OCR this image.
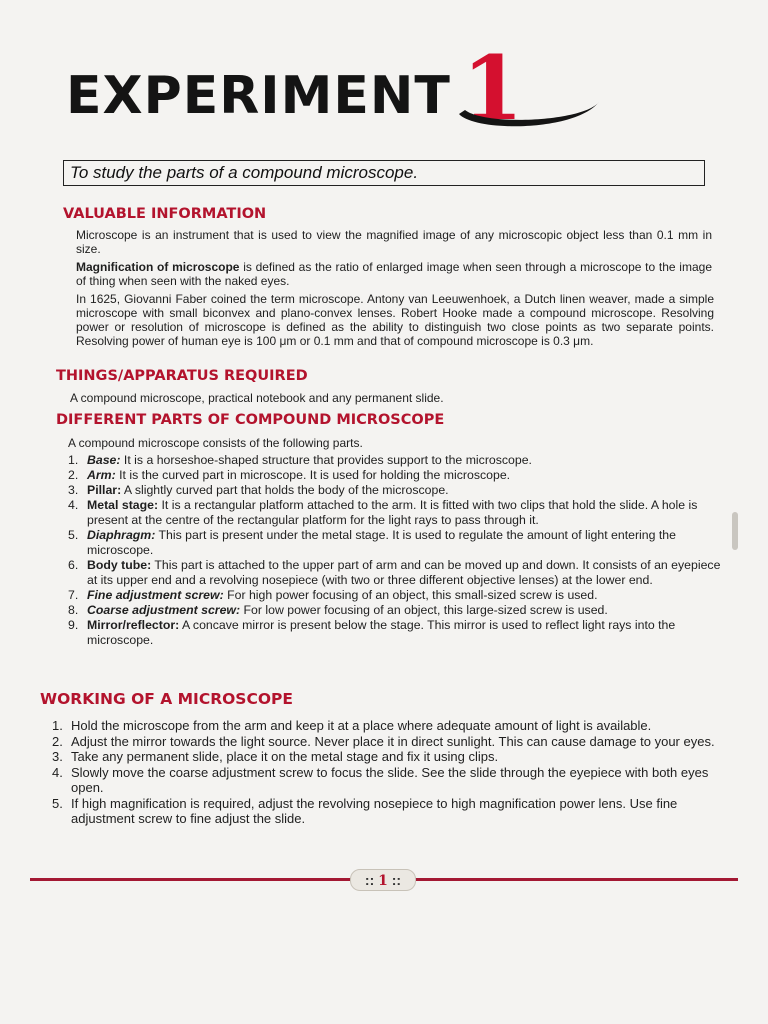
EXPERIMENT 1
To study the parts of a compound microscope.
VALUABLE INFORMATION

Microscope is an instrument that is used to view the magnified image of any microscopic object less than 0.1 mm in size.

Magnification of microscope is defined as the ratio of enlarged image when seen through a microscope to the image of thing when seen with the naked eyes.

In 1625, Giovanni Faber coined the term microscope. Antony van Leeuwenhoek, a Dutch linen weaver, made a simple microscope with small biconvex and plano-convex lenses. Robert Hooke made a compound microscope. Resolving power or resolution of microscope is defined as the ability to distinguish two close points as two separate points. Resolving power of human eye is 100 μm or 0.1 mm and that of compound microscope is 0.3 μm.

THINGS/APPARATUS REQUIRED

A compound microscope, practical notebook and any permanent slide.

DIFFERENT PARTS OF COMPOUND MICROSCOPE

A compound microscope consists of the following parts.

1. Base: It is a horseshoe-shaped structure that provides support to the microscope.
2. Arm: It is the curved part in microscope. It is used for holding the microscope.
3. Pillar: A slightly curved part that holds the body of the microscope.
4. Metal stage: It is a rectangular platform attached to the arm. It is fitted with two clips that hold the slide. A hole is present at the centre of the rectangular platform for the light rays to pass through it.
5. Diaphragm: This part is present under the metal stage. It is used to regulate the amount of light entering the microscope.
6. Body tube: This part is attached to the upper part of arm and can be moved up and down. It consists of an eyepiece at its upper end and a revolving nosepiece (with two or three different objective lenses) at the lower end.
7. Fine adjustment screw: For high power focusing of an object, this small-sized screw is used.
8. Coarse adjustment screw: For low power focusing of an object, this large-sized screw is used.
9. Mirror/reflector: A concave mirror is present below the stage. This mirror is used to reflect light rays into the microscope.
WORKING OF A MICROSCOPE
1. Hold the microscope from the arm and keep it at a place where adequate amount of light is available.
2. Adjust the mirror towards the light source. Never place it in direct sunlight. This can cause damage to your eyes.
3. Take any permanent slide, place it on the metal stage and fix it using clips.
4. Slowly move the coarse adjustment screw to focus the slide. See the slide through the eyepiece with both eyes open.
5. If high magnification is required, adjust the revolving nosepiece to high magnification power lens. Use fine adjustment screw to fine adjust the slide.
:: 1 ::
